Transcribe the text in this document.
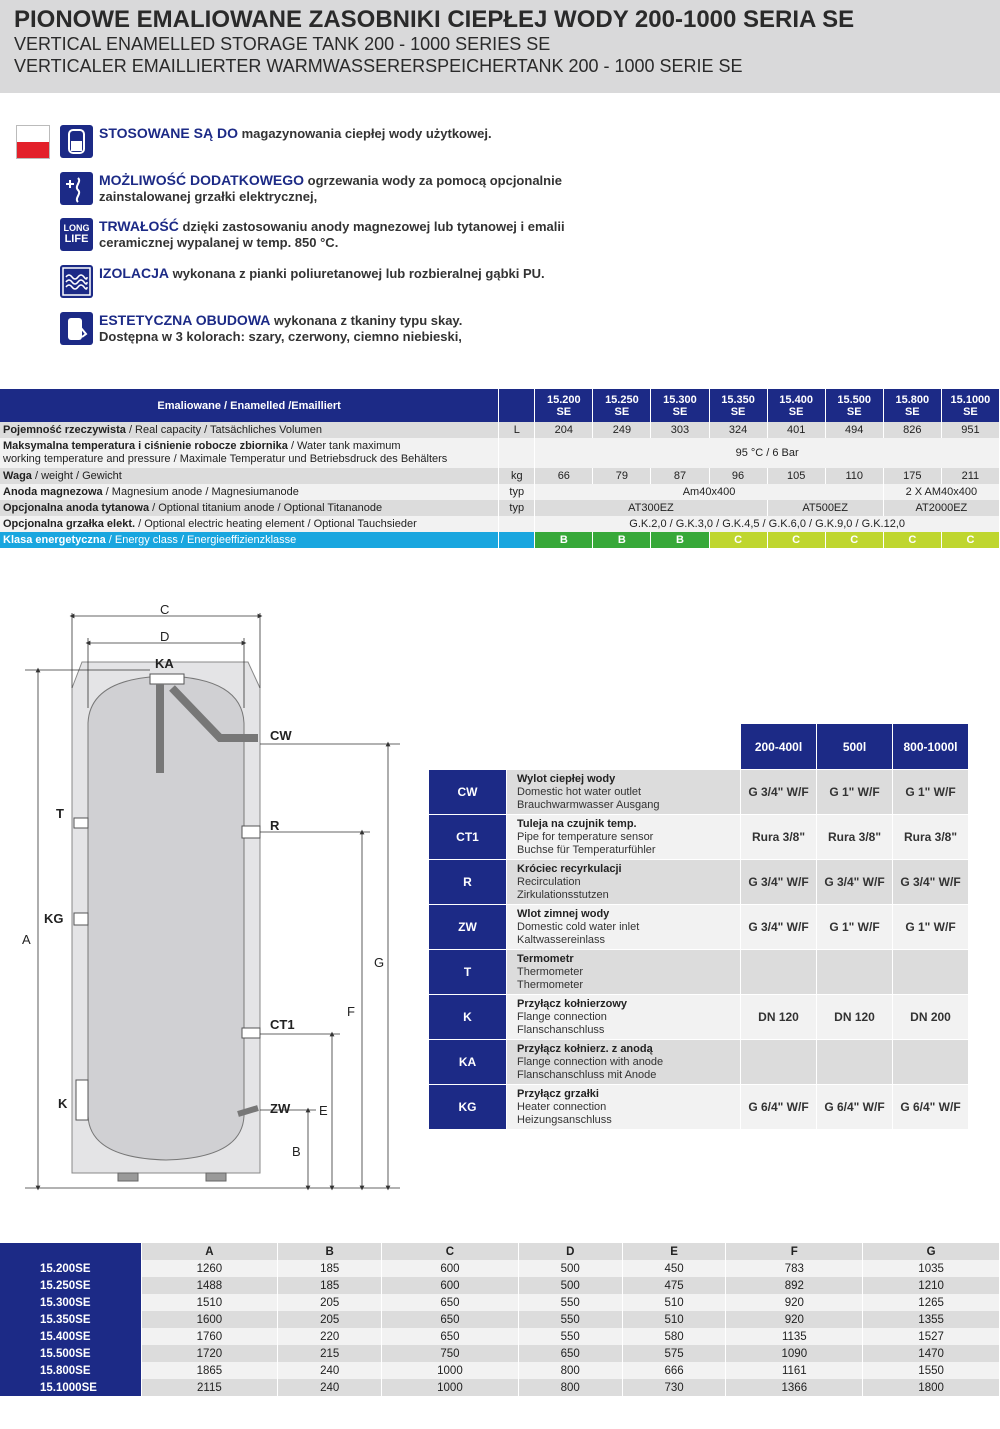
PIONOWE EMALIOWANE ZASOBNIKI CIEPŁEJ WODY 200-1000 SERIA SE
VERTICAL ENAMELLED STORAGE TANK 200 - 1000 SERIES SE
VERTICALER EMAILLIERTER WARMWASSERERSPEICHERTANK 200 - 1000 SERIE SE
STOSOWANE SĄ DO magazynowania ciepłej wody użytkowej.
MOŻLIWOŚĆ DODATKOWEGO ogrzewania wody za pomocą opcjonalnie
zainstalowanej grzałki elektrycznej,
LONG
LIFE
TRWAŁOŚĆ dzięki zastosowaniu anody magnezowej lub tytanowej i emalii
ceramicznej wypalanej w temp. 850 °C.
IZOLACJA wykonana z pianki poliuretanowej lub rozbieralnej gąbki PU.
ESTETYCZNA OBUDOWA wykonana z tkaniny typu skay.
Dostępna w 3 kolorach: szary, czerwony, ciemno niebieski,
Emaliowane / Enamelled /Emailliert		15.200
SE	15.250
SE	15.300
SE	15.350
SE	15.400
SE	15.500
SE	15.800
SE	15.1000
SE
Pojemność rzeczywista / Real capacity / Tatsächliches Volumen	L	204	249	303	324	401	494	826	951
Maksymalna temperatura i ciśnienie robocze zbiornika / Water tank maximum
working temperature and pressure / Maximale Temperatur und Betriebsdruck des Behälters		95 °C / 6 Bar							
Waga / weight / Gewicht	kg	66	79	87	96	105	110	175	211
Anoda magnezowa / Magnesium anode / Magnesiumanode	typ	Am40x400						2 X AM40x400	
Opcjonalna anoda tytanowa / Optional titanium anode / Optional Titananode	typ	AT300EZ				AT500EZ		AT2000EZ	
Opcjonalna grzałka elekt. / Optional electric heating element / Optional Tauchsieder		G.K.2,0 / G.K.3,0 / G.K.4,5 / G.K.6,0 / G.K.9,0 / G.K.12,0							
Klasa energetyczna / Energy class / Energieeffizienzklasse		B	B	B	C	C	C	C	C
C
D
KA
CW
T
R
KG
A
G
F
CT1
K	ZW E
B
		200-400l	500l	800-1000l
CW	Wylot ciepłej wody
Domestic hot water outlet
Brauchwarmwasser Ausgang	G 3/4" W/F	G 1" W/F	G 1" W/F
CT1	Tuleja na czujnik temp.
Pipe for temperature sensor
Buchse für Temperaturfühler	Rura 3/8"	Rura 3/8"	Rura 3/8"
R	Króciec recyrkulacji
Recirculation
Zirkulationsstutzen	G 3/4" W/F	G 3/4" W/F	G 3/4" W/F
ZW	Wlot zimnej wody
Domestic cold water inlet
Kaltwassereinlass	G 3/4" W/F	G 1" W/F	G 1" W/F
T	Termometr
Thermometer
Thermometer			
K	Przyłącz kołnierzowy
Flange connection
Flanschanschluss	DN 120	DN 120	DN 200
KA	Przyłącz kołnierz. z anodą
Flange connection with anode
Flanschanschluss mit Anode			
KG	Przyłącz grzałki
Heater connection
Heizungsanschluss	G 6/4" W/F	G 6/4" W/F	G 6/4" W/F
	A	B	C	D	E	F	G
15.200SE	1260	185	600	500	450	783	1035
15.250SE	1488	185	600	500	475	892	1210
15.300SE	1510	205	650	550	510	920	1265
15.350SE	1600	205	650	550	510	920	1355
15.400SE	1760	220	650	550	580	1135	1527
15.500SE	1720	215	750	650	575	1090	1470
15.800SE	1865	240	1000	800	666	1161	1550
15.1000SE	2115	240	1000	800	730	1366	1800
